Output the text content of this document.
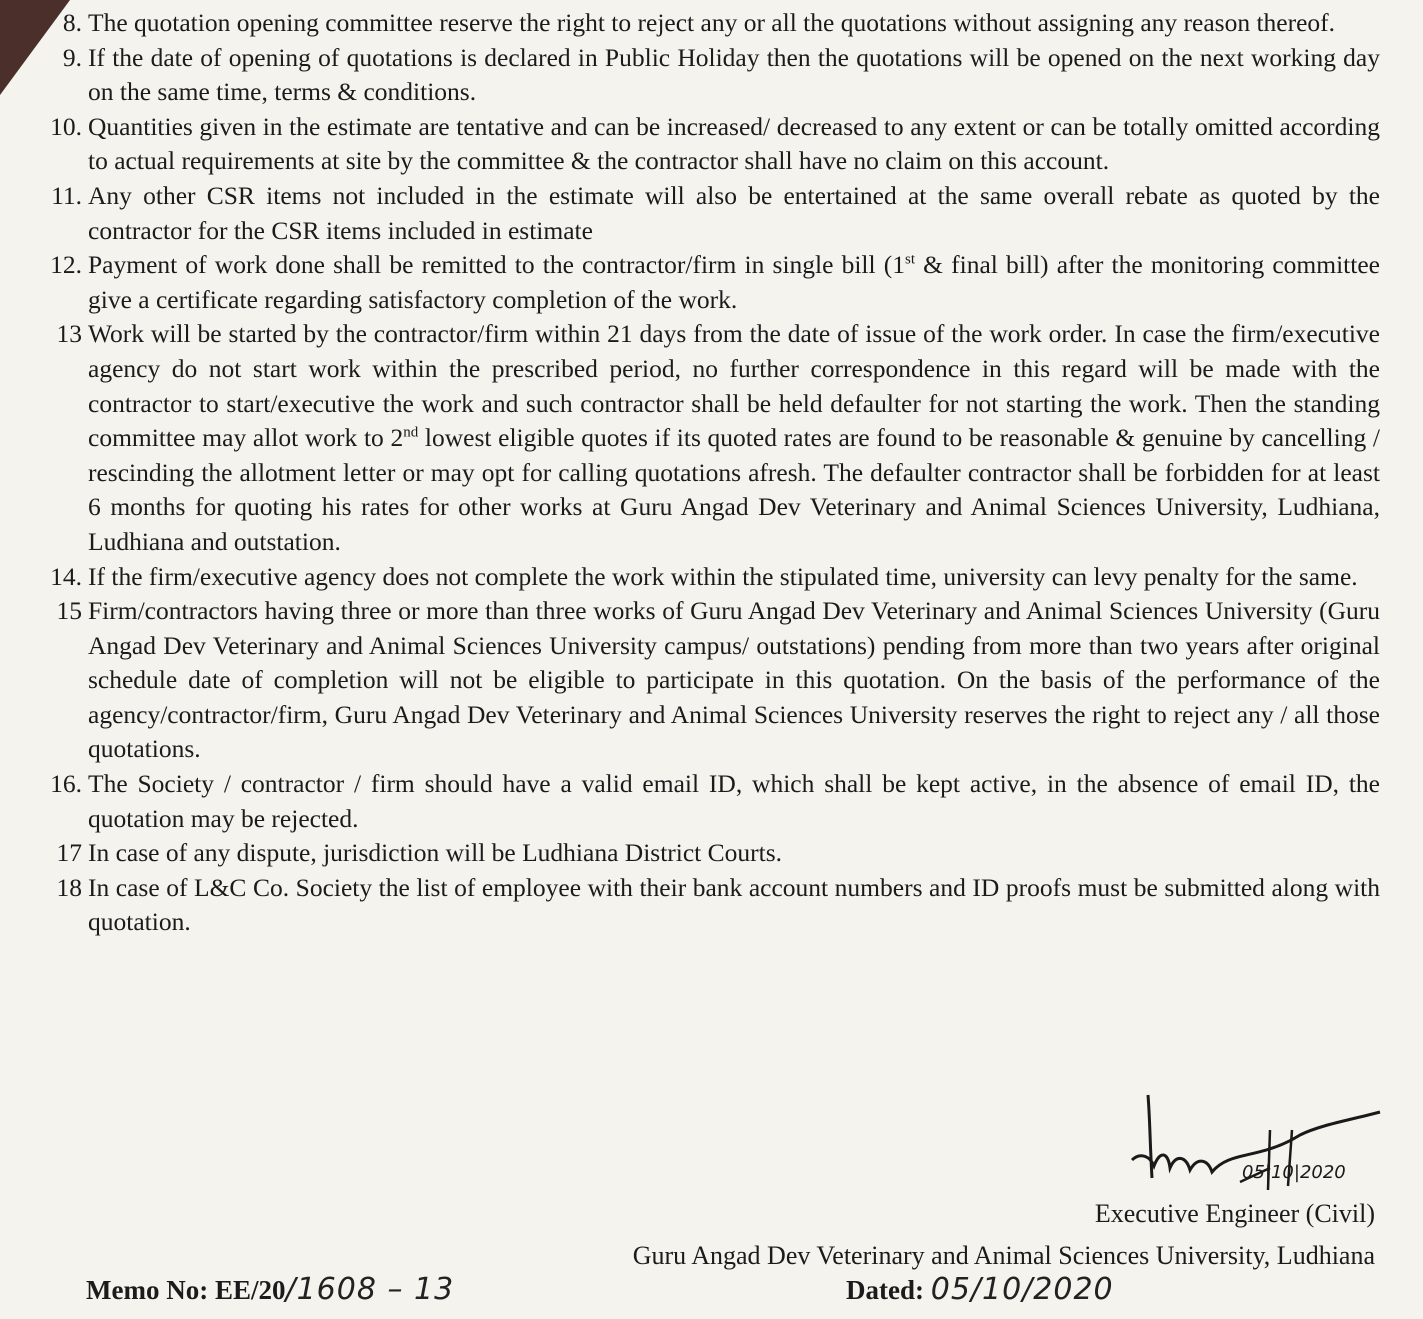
8. The quotation opening committee reserve the right to reject any or all the quotations without assigning any reason thereof.
9. If the date of opening of quotations is declared in Public Holiday then the quotations will be opened on the next working day on the same time, terms & conditions.
10. Quantities given in the estimate are tentative and can be increased/ decreased to any extent or can be totally omitted according to actual requirements at site by the committee & the contractor shall have no claim on this account.
11. Any other CSR items not included in the estimate will also be entertained at the same overall rebate as quoted by the contractor for the CSR items included in estimate
12. Payment of work done shall be remitted to the contractor/firm in single bill (1st & final bill) after the monitoring committee give a certificate regarding satisfactory completion of the work.
13 Work will be started by the contractor/firm within 21 days from the date of issue of the work order. In case the firm/executive agency do not start work within the prescribed period, no further correspondence in this regard will be made with the contractor to start/executive the work and such contractor shall be held defaulter for not starting the work. Then the standing committee may allot work to 2nd lowest eligible quotes if its quoted rates are found to be reasonable & genuine by cancelling / rescinding the allotment letter or may opt for calling quotations afresh. The defaulter contractor shall be forbidden for at least 6 months for quoting his rates for other works at Guru Angad Dev Veterinary and Animal Sciences University, Ludhiana, Ludhiana and outstation.
14. If the firm/executive agency does not complete the work within the stipulated time, university can levy penalty for the same.
15 Firm/contractors having three or more than three works of Guru Angad Dev Veterinary and Animal Sciences University (Guru Angad Dev Veterinary and Animal Sciences University campus/ outstations) pending from more than two years after original schedule date of completion will not be eligible to participate in this quotation. On the basis of the performance of the agency/contractor/firm, Guru Angad Dev Veterinary and Animal Sciences University reserves the right to reject any / all those quotations.
16. The Society / contractor / firm should have a valid email ID, which shall be kept active, in the absence of email ID, the quotation may be rejected.
17 In case of any dispute, jurisdiction will be Ludhiana District Courts.
18 In case of L&C Co. Society the list of employee with their bank account numbers and ID proofs must be submitted along with quotation.
05|10|2020
Executive Engineer (Civil)
Guru Angad Dev Veterinary and Animal Sciences University, Ludhiana
Memo No: EE/20/1608 – 13	Dated: 05/10/2020
